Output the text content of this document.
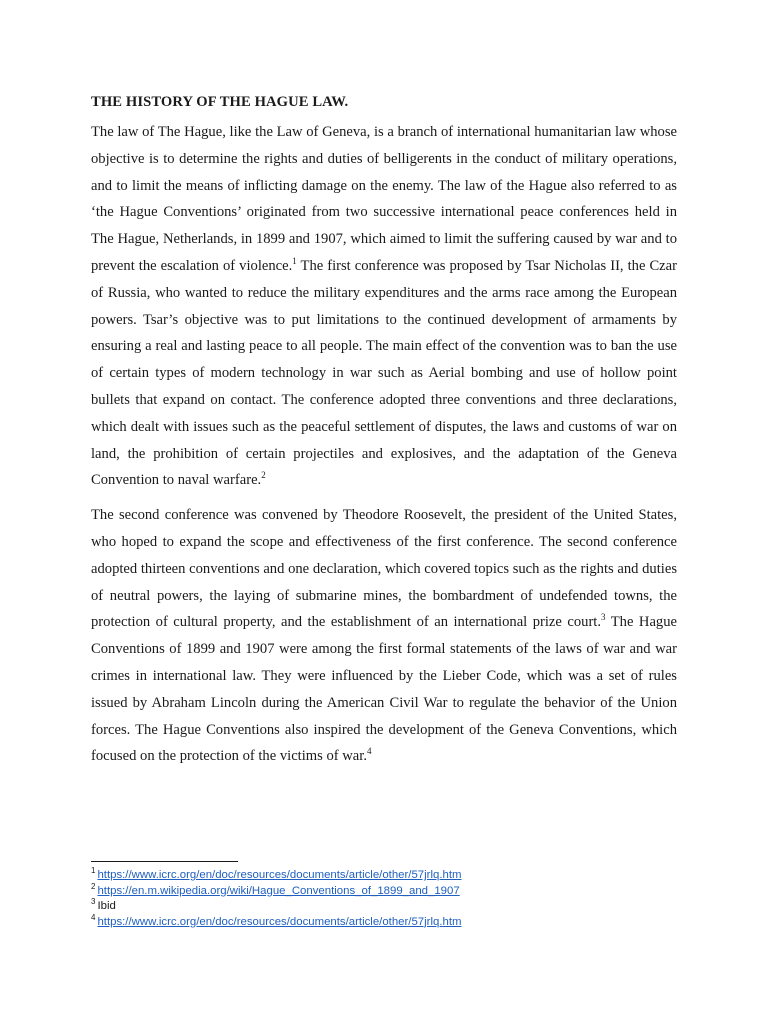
THE HISTORY OF THE HAGUE LAW.

The law of The Hague, like the Law of Geneva, is a branch of international humanitarian law whose objective is to determine the rights and duties of belligerents in the conduct of military operations, and to limit the means of inflicting damage on the enemy. The law of the Hague also referred to as ‘the Hague Conventions’ originated from two successive international peace conferences held in The Hague, Netherlands, in 1899 and 1907, which aimed to limit the suffering caused by war and to prevent the escalation of violence.$^1$ The first conference was proposed by Tsar Nicholas II, the Czar of Russia, who wanted to reduce the military expenditures and the arms race among the European powers. Tsar’s objective was to put limitations to the continued development of armaments by ensuring a real and lasting peace to all people. The main effect of the convention was to ban the use of certain types of modern technology in war such as Aerial bombing and use of hollow point bullets that expand on contact. The conference adopted three conventions and three declarations, which dealt with issues such as the peaceful settlement of disputes, the laws and customs of war on land, the prohibition of certain projectiles and explosives, and the adaptation of the Geneva Convention to naval warfare.$^2$

The second conference was convened by Theodore Roosevelt, the president of the United States, who hoped to expand the scope and effectiveness of the first conference. The second conference adopted thirteen conventions and one declaration, which covered topics such as the rights and duties of neutral powers, the laying of submarine mines, the bombardment of undefended towns, the protection of cultural property, and the establishment of an international prize court.$^3$ The Hague Conventions of 1899 and 1907 were among the first formal statements of the laws of war and war crimes in international law. They were influenced by the Lieber Code, which was a set of rules issued by Abraham Lincoln during the American Civil War to regulate the behavior of the Union forces. The Hague Conventions also inspired the development of the Geneva Conventions, which focused on the protection of the victims of war.$^4$

$^1$ https://www.icrc.org/en/doc/resources/documents/article/other/57jrlq.htm
$^2$ https://en.m.wikipedia.org/wiki/Hague_Conventions_of_1899_and_1907
$^3$ Ibid
$^4$ https://www.icrc.org/en/doc/resources/documents/article/other/57jrlq.htm
